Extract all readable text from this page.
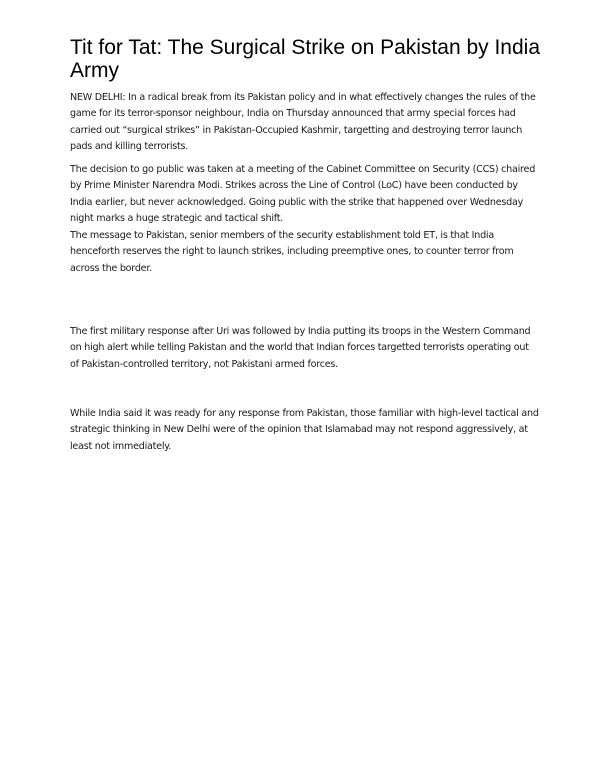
Tit for Tat: The Surgical Strike on Pakistan by India Army

NEW DELHI: In a radical break from its Pakistan policy and in what effectively changes the rules of the game for its terror-sponsor neighbour, India on Thursday announced that army special forces had carried out “surgical strikes” in Pakistan-Occupied Kashmir, targetting and destroying terror launch pads and killing terrorists.

The decision to go public was taken at a meeting of the Cabinet Committee on Security (CCS) chaired by Prime Minister Narendra Modi. Strikes across the Line of Control (LoC) have been conducted by India earlier, but never acknowledged. Going public with the strike that happened over Wednesday night marks a huge strategic and tactical shift.

The message to Pakistan, senior members of the security establishment told ET, is that India henceforth reserves the right to launch strikes, including preemptive ones, to counter terror from across the border.

The first military response after Uri was followed by India putting its troops in the Western Command on high alert while telling Pakistan and the world that Indian forces targetted terrorists operating out of Pakistan-controlled territory, not Pakistani armed forces.

While India said it was ready for any response from Pakistan, those familiar with high-level tactical and strategic thinking in New Delhi were of the opinion that Islamabad may not respond aggressively, at least not immediately.
